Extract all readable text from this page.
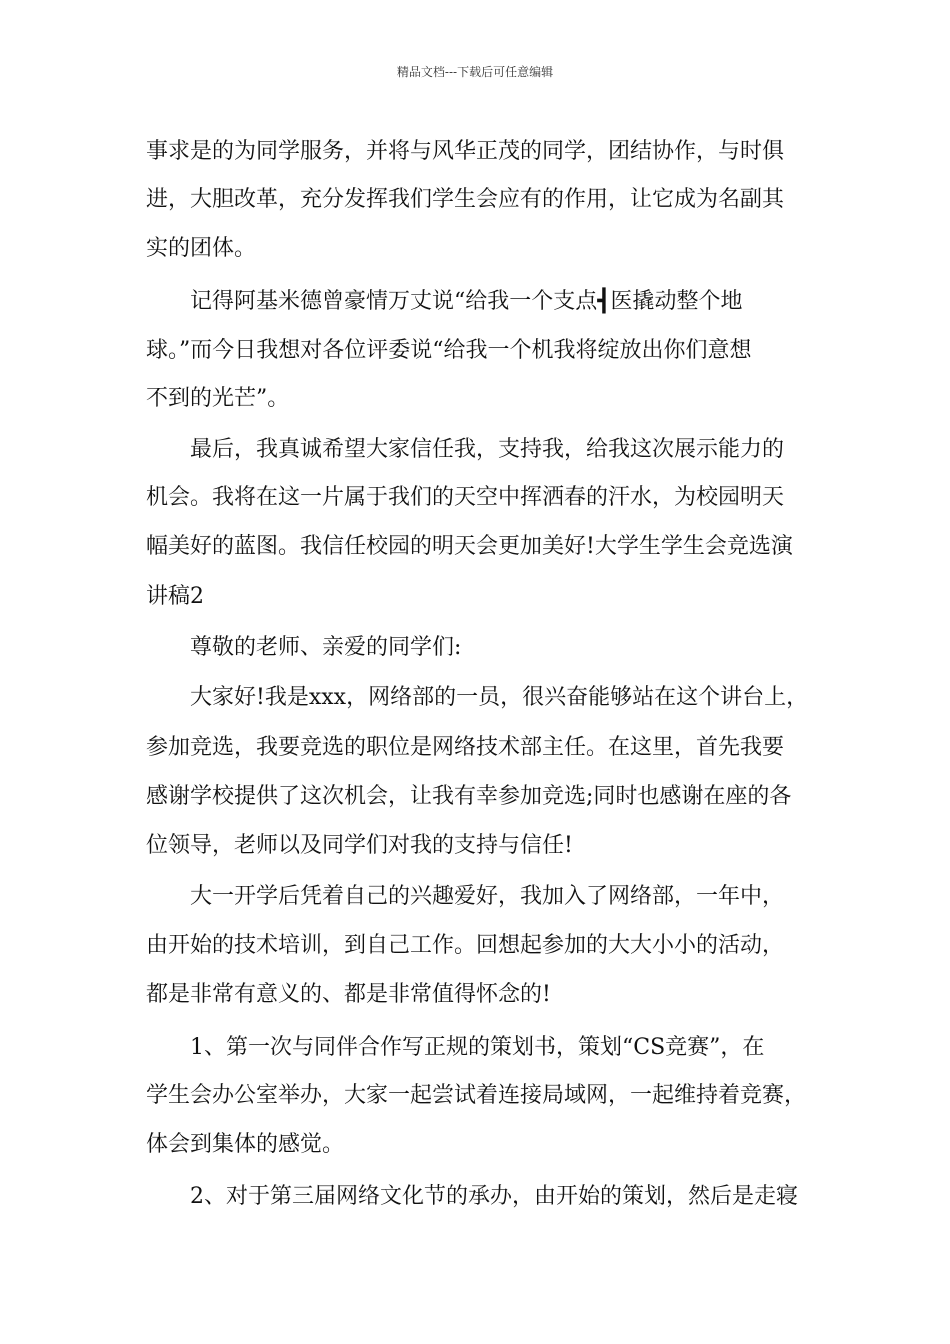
精品文档---下载后可任意编辑

事求是的为同学服务，并将与风华正茂的同学，团结协作，与时俱

进，大胆改革，充分发挥我们学生会应有的作用，让它成为名副其

实的团体。

记得阿基米德曾豪情万丈说“给我一个支点┫医撬动整个地

球。”而今日我想对各位评委说“给我一个机我将绽放出你们意想

不到的光芒”。

最后，我真诚希望大家信任我，支持我，给我这次展示能力的

机会。我将在这一片属于我们的天空中挥洒春的汗水，为校园明天

幅美好的蓝图。我信任校园的明天会更加美好!大学生学生会竞选演

讲稿2

尊敬的老师、亲爱的同学们:

大家好!我是xxx，网络部的一员，很兴奋能够站在这个讲台上，

参加竞选，我要竞选的职位是网络技术部主任。在这里，首先我要

感谢学校提供了这次机会，让我有幸参加竞选;同时也感谢在座的各

位领导，老师以及同学们对我的支持与信任!

大一开学后凭着自己的兴趣爱好，我加入了网络部，一年中，

由开始的技术培训，到自己工作。回想起参加的大大小小的活动，

都是非常有意义的、都是非常值得怀念的!

1、第一次与同伴合作写正规的策划书，策划“CS竞赛”，在

学生会办公室举办，大家一起尝试着连接局域网，一起维持着竞赛，

体会到集体的感觉。

2、对于第三届网络文化节的承办，由开始的策划，然后是走寝
